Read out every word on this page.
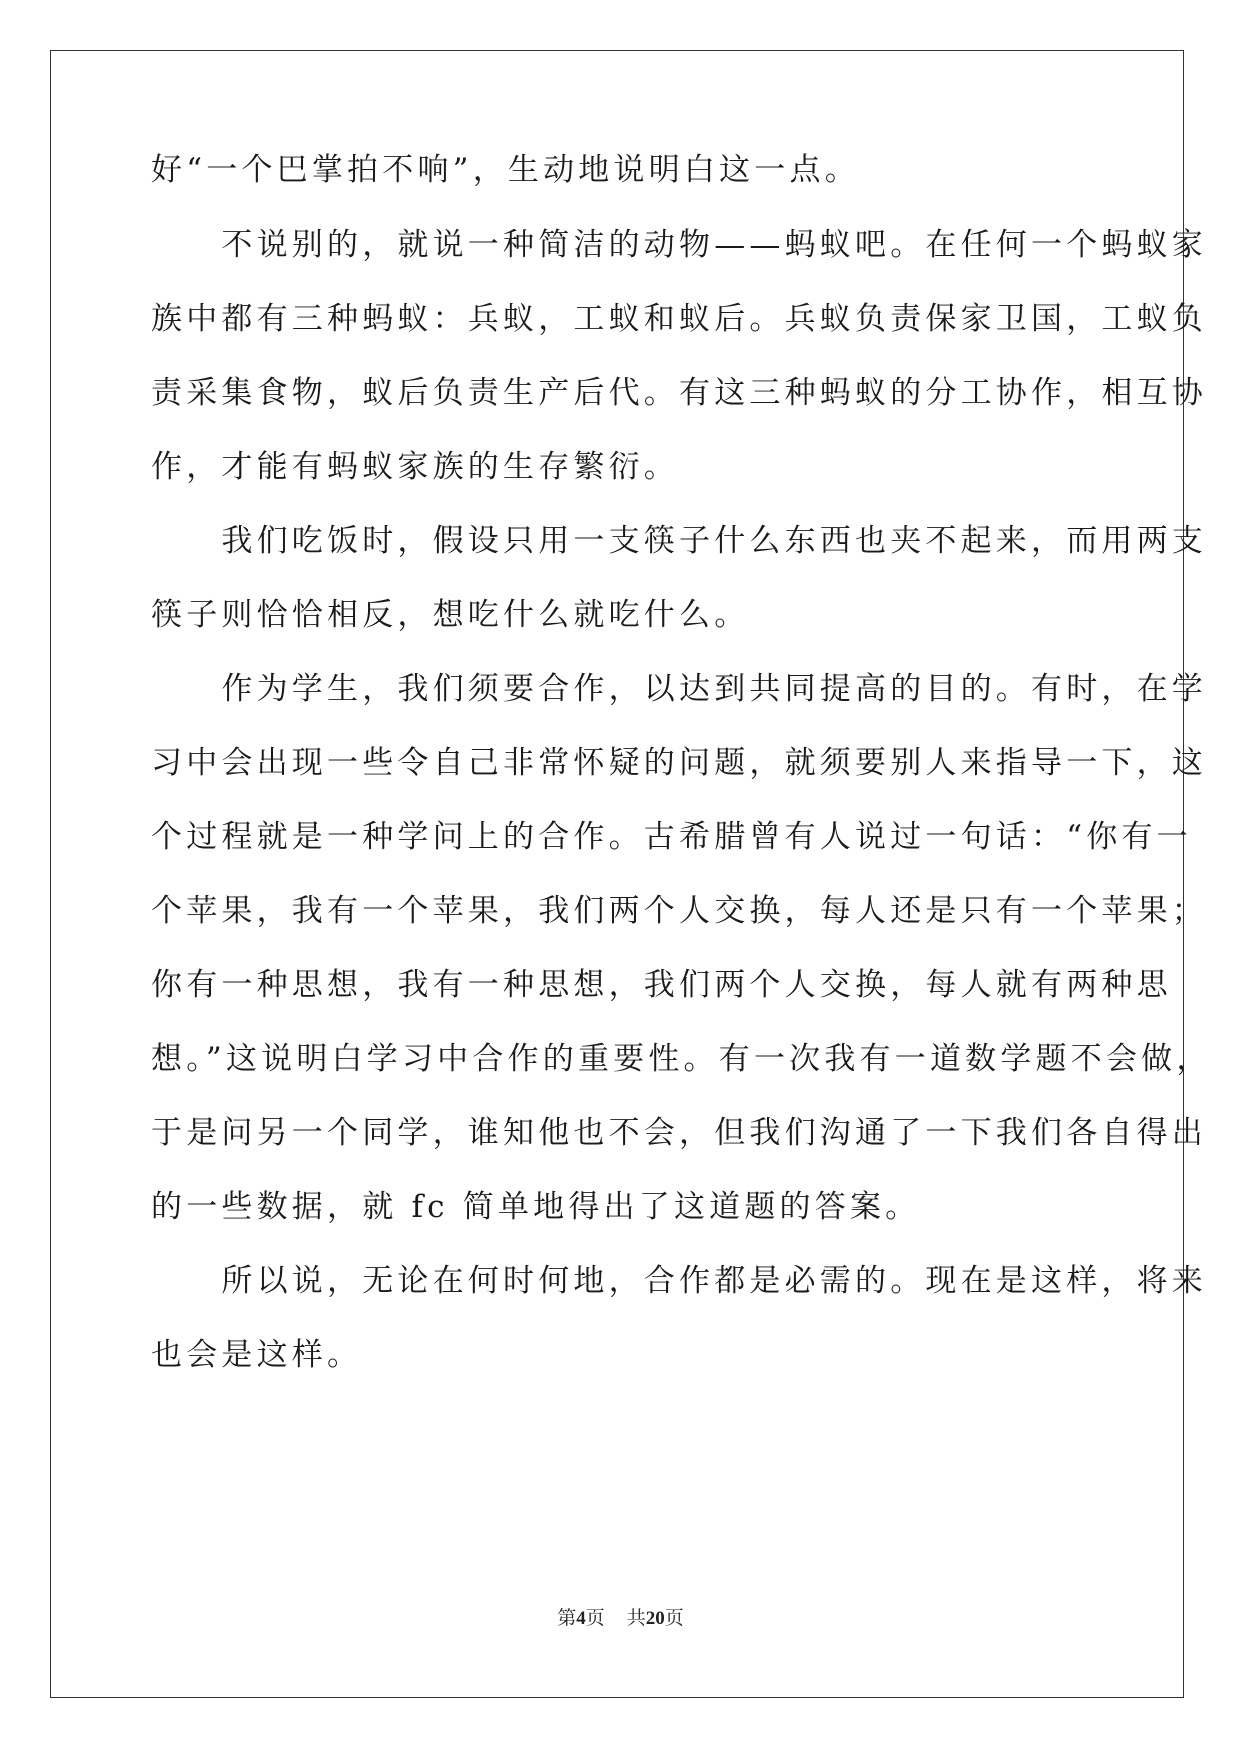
好“一个巴掌拍不响”，生动地说明白这一点。
　　不说别的，就说一种简洁的动物——蚂蚁吧。在任何一个蚂蚁家
族中都有三种蚂蚁：兵蚁，工蚁和蚁后。兵蚁负责保家卫国，工蚁负
责采集食物，蚁后负责生产后代。有这三种蚂蚁的分工协作，相互协
作，才能有蚂蚁家族的生存繁衍。
　　我们吃饭时，假设只用一支筷子什么东西也夹不起来，而用两支
筷子则恰恰相反，想吃什么就吃什么。
　　作为学生，我们须要合作，以达到共同提高的目的。有时，在学
习中会出现一些令自己非常怀疑的问题，就须要别人来指导一下，这
个过程就是一种学问上的合作。古希腊曾有人说过一句话：“你有一
个苹果，我有一个苹果，我们两个人交换，每人还是只有一个苹果；
你有一种思想，我有一种思想，我们两个人交换，每人就有两种思
想。”这说明白学习中合作的重要性。有一次我有一道数学题不会做，
于是问另一个同学，谁知他也不会，但我们沟通了一下我们各自得出
的一些数据，就 fc 简单地得出了这道题的答案。
　　所以说，无论在何时何地，合作都是必需的。现在是这样，将来
也会是这样。
第4页 共20页
